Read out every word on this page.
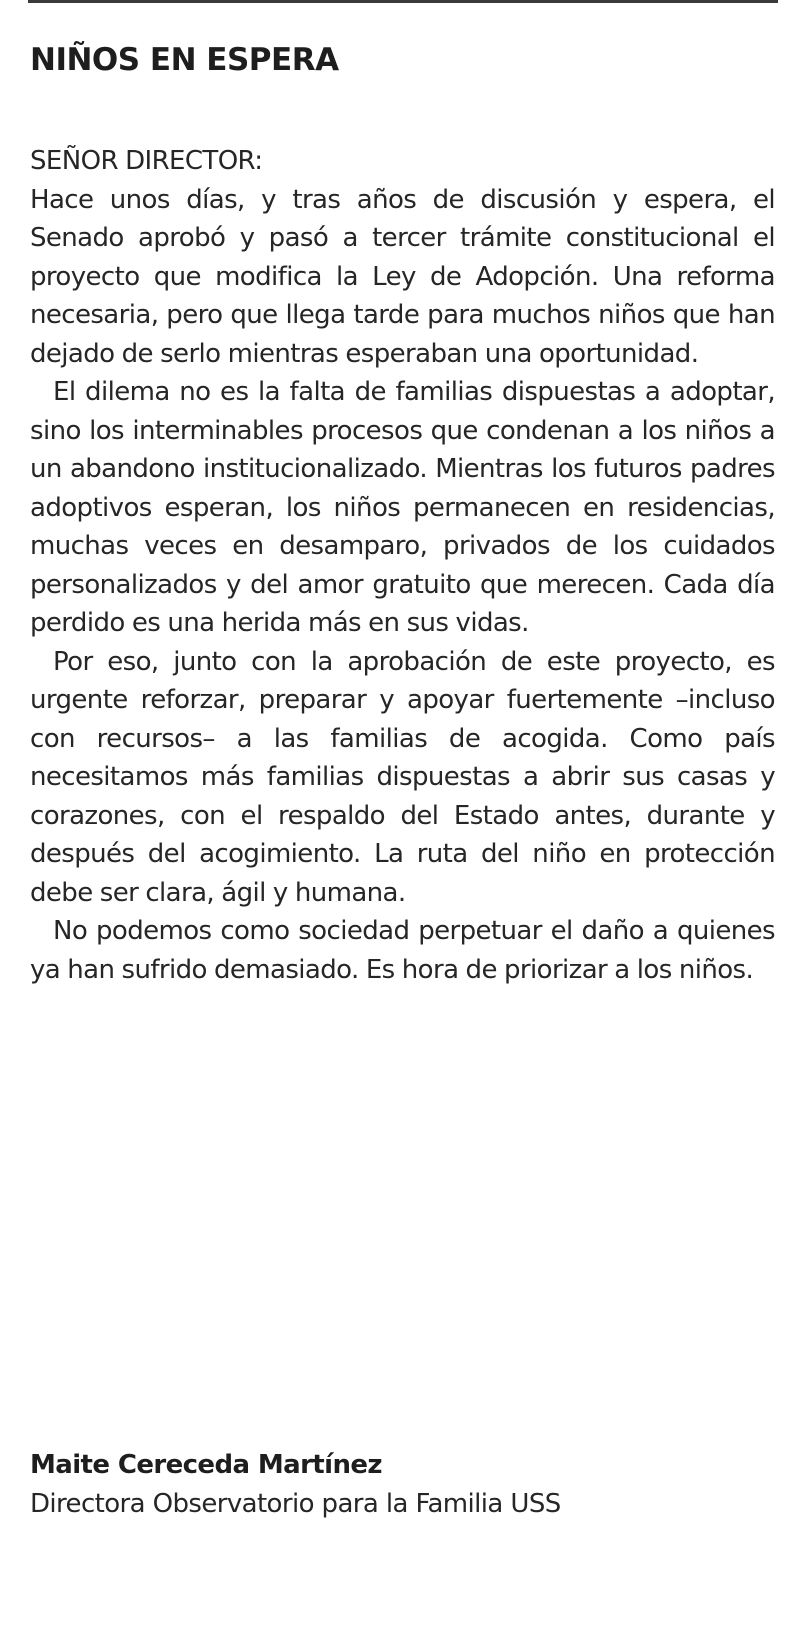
NIÑOS EN ESPERA

SEÑOR DIRECTOR:

Hace unos días, y tras años de discusión y espera, el Senado aprobó y pasó a tercer trámite constitucional el proyecto que modifica la Ley de Adopción. Una reforma necesaria, pero que llega tarde para muchos niños que han dejado de serlo mientras esperaban una oportunidad.

El dilema no es la falta de familias dispuestas a adoptar, sino los interminables procesos que condenan a los niños a un abandono institucionalizado. Mientras los futuros padres adoptivos esperan, los niños permanecen en residencias, muchas veces en desamparo, privados de los cuidados personalizados y del amor gratuito que merecen. Cada día perdido es una herida más en sus vidas.

Por eso, junto con la aprobación de este proyecto, es urgente reforzar, preparar y apoyar fuertemente –incluso con recursos– a las familias de acogida. Como país necesitamos más familias dispuestas a abrir sus casas y corazones, con el respaldo del Estado antes, durante y después del acogimiento. La ruta del niño en protección debe ser clara, ágil y humana.

No podemos como sociedad perpetuar el daño a quienes ya han sufrido demasiado. Es hora de priorizar a los niños.

Maite Cereceda Martínez

Directora Observatorio para la Familia USS
